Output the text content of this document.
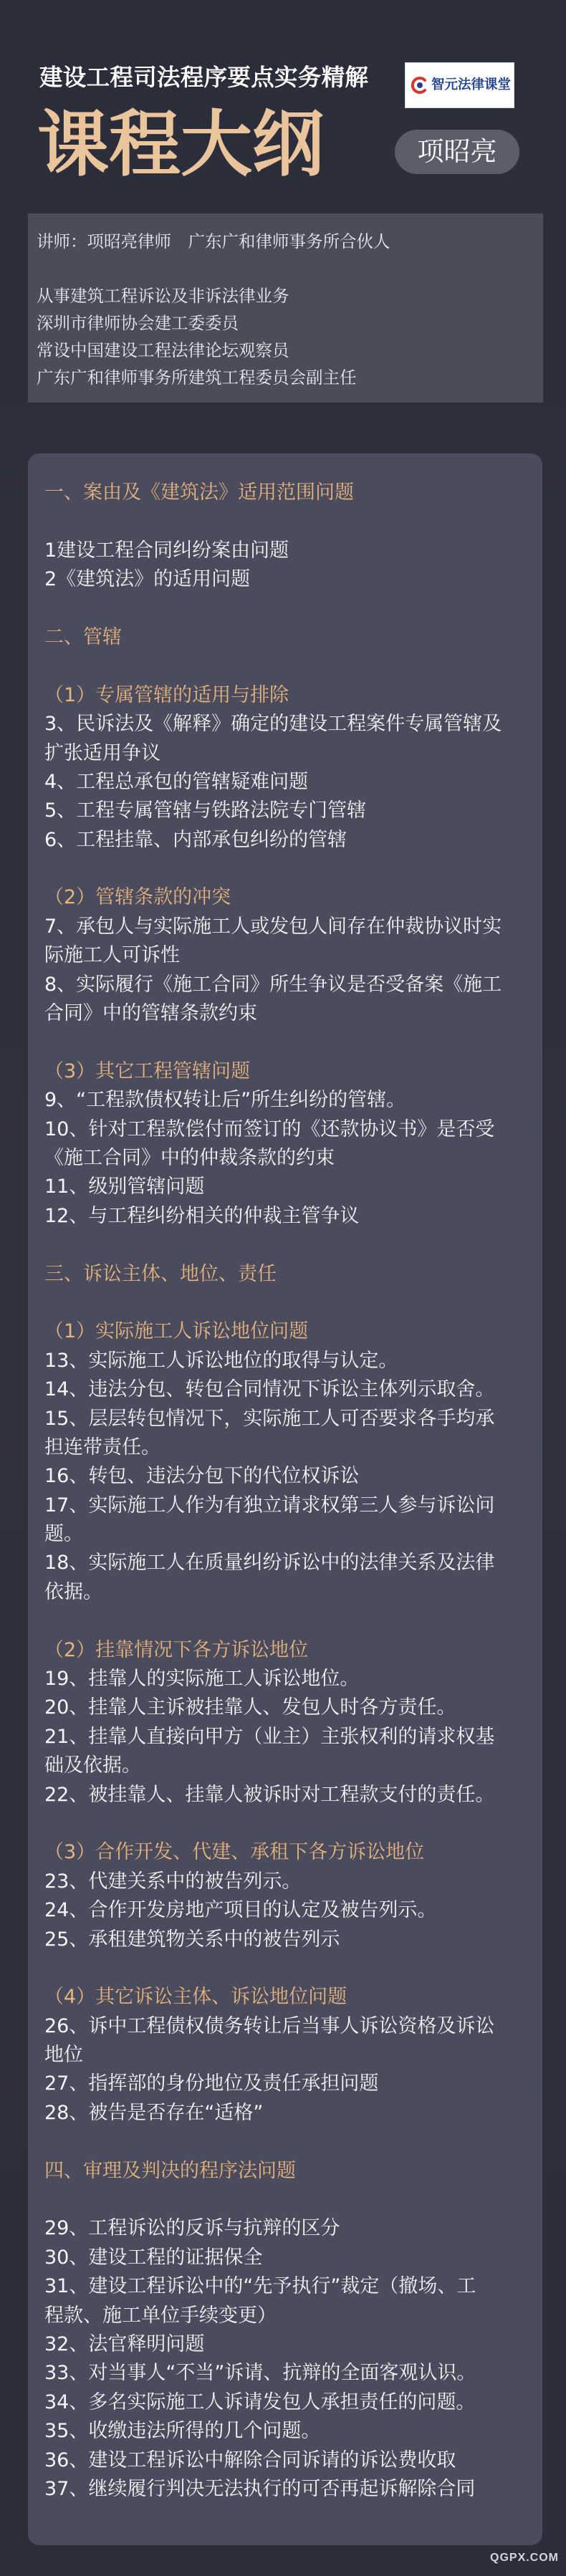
建设工程司法程序要点实务精解
课程大纲
智元法律课堂
项昭亮
讲师：项昭亮律师　广东广和律师事务所合伙人
从事建筑工程诉讼及非诉法律业务
深圳市律师协会建工委委员
常设中国建设工程法律论坛观察员
广东广和律师事务所建筑工程委员会副主任
一、案由及《建筑法》适用范围问题
1建设工程合同纠纷案由问题
2《建筑法》的适用问题
二、管辖
（1）专属管辖的适用与排除
3、民诉法及《解释》确定的建设工程案件专属管辖及
扩张适用争议
4、工程总承包的管辖疑难问题
5、工程专属管辖与铁路法院专门管辖
6、工程挂靠、内部承包纠纷的管辖
（2）管辖条款的冲突
7、承包人与实际施工人或发包人间存在仲裁协议时实
际施工人可诉性
8、实际履行《施工合同》所生争议是否受备案《施工
合同》中的管辖条款约束
（3）其它工程管辖问题
9、“工程款债权转让后”所生纠纷的管辖。
10、针对工程款偿付而签订的《还款协议书》是否受
《施工合同》中的仲裁条款的约束
11、级别管辖问题
12、与工程纠纷相关的仲裁主管争议
三、诉讼主体、地位、责任
（1）实际施工人诉讼地位问题
13、实际施工人诉讼地位的取得与认定。
14、违法分包、转包合同情况下诉讼主体列示取舍。
15、层层转包情况下，实际施工人可否要求各手均承
担连带责任。
16、转包、违法分包下的代位权诉讼
17、实际施工人作为有独立请求权第三人参与诉讼问
题。
18、实际施工人在质量纠纷诉讼中的法律关系及法律
依据。
（2）挂靠情况下各方诉讼地位
19、挂靠人的实际施工人诉讼地位。
20、挂靠人主诉被挂靠人、发包人时各方责任。
21、挂靠人直接向甲方（业主）主张权利的请求权基
础及依据。
22、被挂靠人、挂靠人被诉时对工程款支付的责任。
（3）合作开发、代建、承租下各方诉讼地位
23、代建关系中的被告列示。
24、合作开发房地产项目的认定及被告列示。
25、承租建筑物关系中的被告列示
（4）其它诉讼主体、诉讼地位问题
26、诉中工程债权债务转让后当事人诉讼资格及诉讼
地位
27、指挥部的身份地位及责任承担问题
28、被告是否存在“适格”
四、审理及判决的程序法问题
29、工程诉讼的反诉与抗辩的区分
30、建设工程的证据保全
31、建设工程诉讼中的“先予执行”裁定（撤场、工
程款、施工单位手续变更）
32、法官释明问题
33、对当事人“不当”诉请、抗辩的全面客观认识。
34、多名实际施工人诉请发包人承担责任的问题。
35、收缴违法所得的几个问题。
36、建设工程诉讼中解除合同诉请的诉讼费收取
37、继续履行判决无法执行的可否再起诉解除合同
QGPX.COM
